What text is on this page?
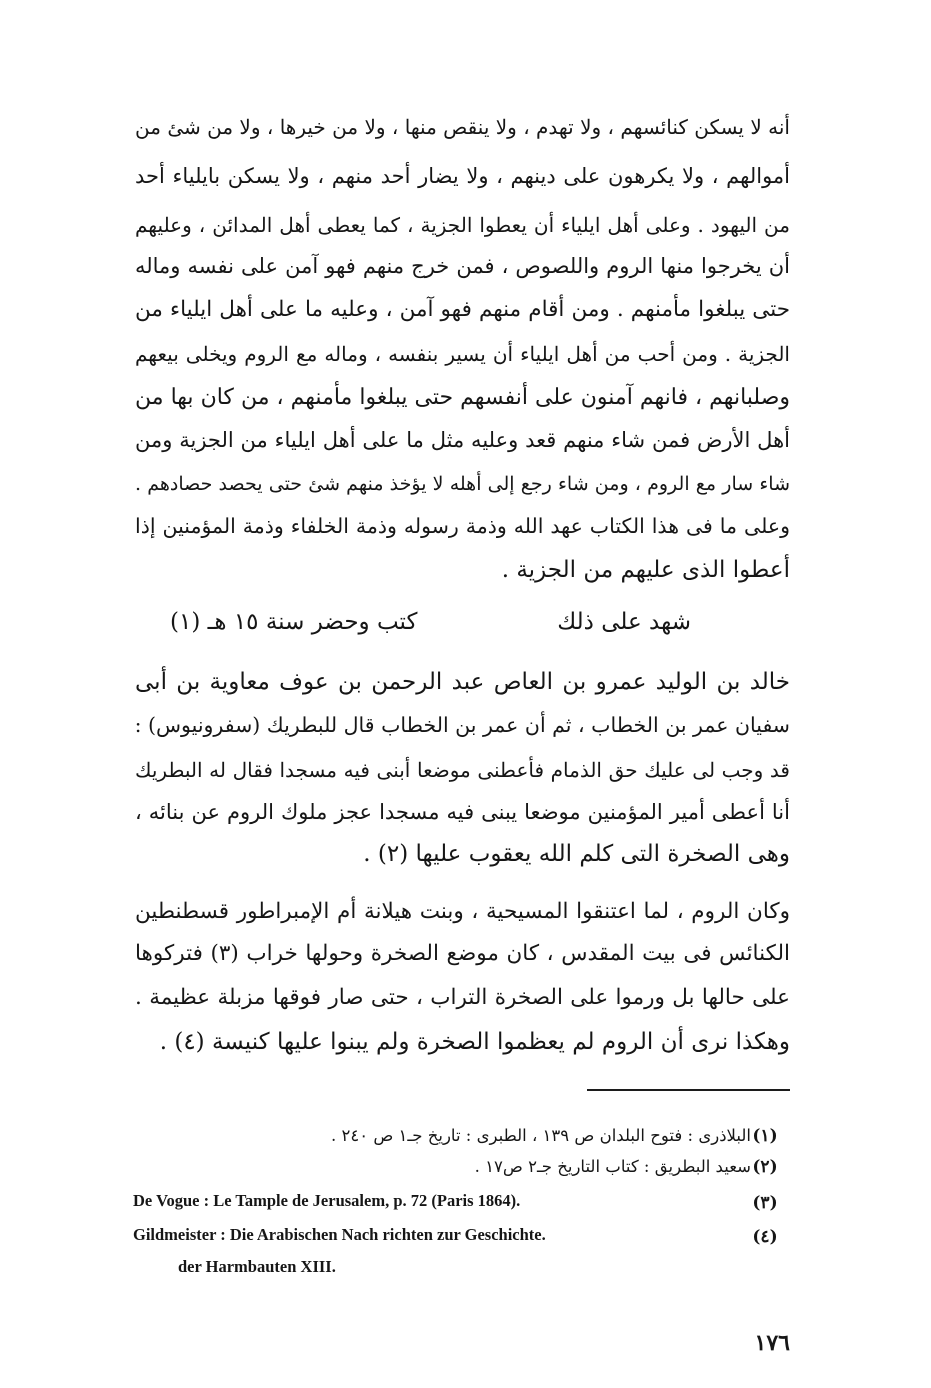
أنه لا يسكن كنائسهم ، ولا تهدم ، ولا ينقص منها ، ولا من خيرها ، ولا من شئ من
أموالهم ، ولا يكرهون على دينهم ، ولا يضار أحد منهم ، ولا يسكن بايلياء أحد
من اليهود . وعلى أهل ايلياء أن يعطوا الجزية ، كما يعطى أهل المدائن ، وعليهم
أن يخرجوا منها الروم واللصوص ، فمن خرج منهم فهو آمن على نفسه وماله
حتى يبلغوا مأمنهم . ومن أقام منهم فهو آمن ، وعليه ما على أهل ايلياء من
الجزية . ومن أحب من أهل ايلياء أن يسير بنفسه ، وماله مع الروم ويخلى بيعهم
وصلبانهم ، فانهم آمنون على أنفسهم حتى يبلغوا مأمنهم ، من كان بها من
أهل الأرض فمن شاء منهم قعد وعليه مثل ما على أهل ايلياء من الجزية ومن
شاء سار مع الروم ، ومن شاء رجع إلى أهله لا يؤخذ منهم شئ حتى يحصد حصادهم .
وعلى ما فى هذا الكتاب عهد الله وذمة رسوله وذمة الخلفاء وذمة المؤمنين إذا
أعطوا الذى عليهم من الجزية .
شهد على ذلك
كتب وحضر سنة ١٥ هـ (١)
خالد بن الوليد عمرو بن العاص عبد الرحمن بن عوف معاوية بن أبى
سفيان عمر بن الخطاب ، ثم أن عمر بن الخطاب قال للبطريك (سفرونيوس) :
قد وجب لى عليك حق الذمام فأعطنى موضعا أبنى فيه مسجدا فقال له البطريك
أنا أعطى أمير المؤمنين موضعا يبنى فيه مسجدا عجز ملوك الروم عن بنائه ،
وهى الصخرة التى كلم الله يعقوب عليها (٢) .
وكان الروم ، لما اعتنقوا المسيحية ، وبنت هيلانة أم الإمبراطور قسطنطين
الكنائس فى بيت المقدس ، كان موضع الصخرة وحولها خراب (٣) فتركوها
على حالها بل ورموا على الصخرة التراب ، حتى صار فوقها مزبلة عظيمة .
وهكذا نرى أن الروم لم يعظموا الصخرة ولم يبنوا عليها كنيسة (٤) .
(١)
البلاذرى : فتوح البلدان ص ١٣٩ ، الطبرى : تاريخ جـ١ ص ٢٤٠ .
(٢)
سعيد البطريق : كتاب التاريخ جـ٢ ص١٧ .
(٣)
De Vogue : Le Tample de Jerusalem, p. 72 (Paris 1864).
(٤)
Gildmeister : Die Arabischen Nach richten zur Geschichte.
der Harmbauten XIII.
١٧٦
